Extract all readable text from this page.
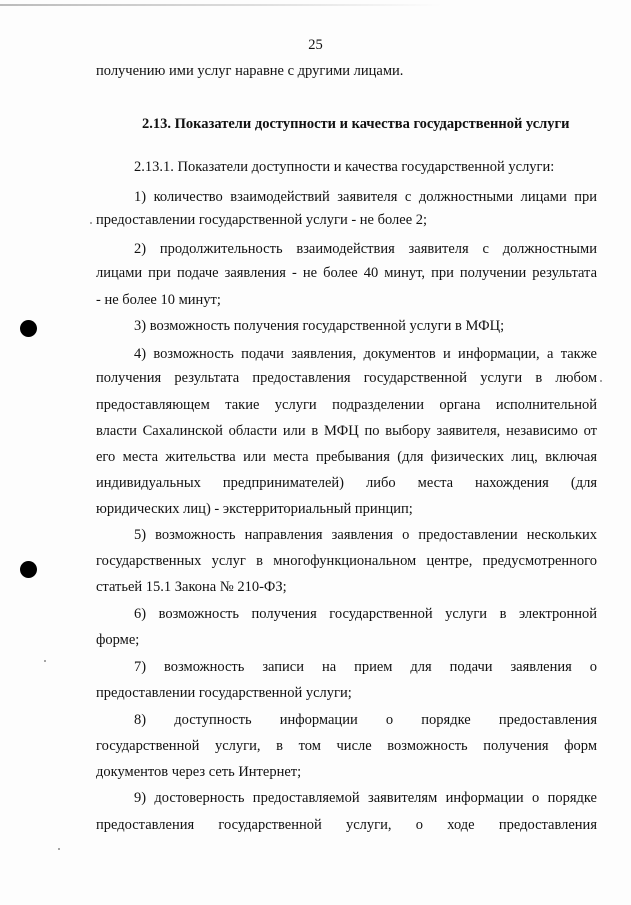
25
получению ими услуг наравне с другими лицами.
2.13. Показатели доступности и качества государственной услуги
2.13.1. Показатели доступности и качества государственной услуги:
1) количество взаимодействий заявителя с должностными лицами при
предоставлении государственной услуги - не более 2;
2) продолжительность взаимодействия заявителя с должностными
лицами при подаче заявления - не более 40 минут, при получении результата
- не более 10 минут;
3) возможность получения государственной услуги в МФЦ;
4) возможность подачи заявления, документов и информации, а также
получения результата предоставления государственной услуги в любом
предоставляющем такие услуги подразделении органа исполнительной
власти Сахалинской области или в МФЦ по выбору заявителя, независимо от
его места жительства или места пребывания (для физических лиц, включая
индивидуальных предпринимателей) либо места нахождения (для
юридических лиц) - экстерриториальный принцип;
5) возможность направления заявления о предоставлении нескольких
государственных услуг в многофункциональном центре, предусмотренного
статьей 15.1 Закона № 210-ФЗ;
6) возможность получения государственной услуги в электронной
форме;
7) возможность записи на прием для подачи заявления о
предоставлении государственной услуги;
8) доступность информации о порядке предоставления
государственной услуги, в том числе возможность получения форм
документов через сеть Интернет;
9) достоверность предоставляемой заявителям информации о порядке
предоставления государственной услуги, о ходе предоставления
